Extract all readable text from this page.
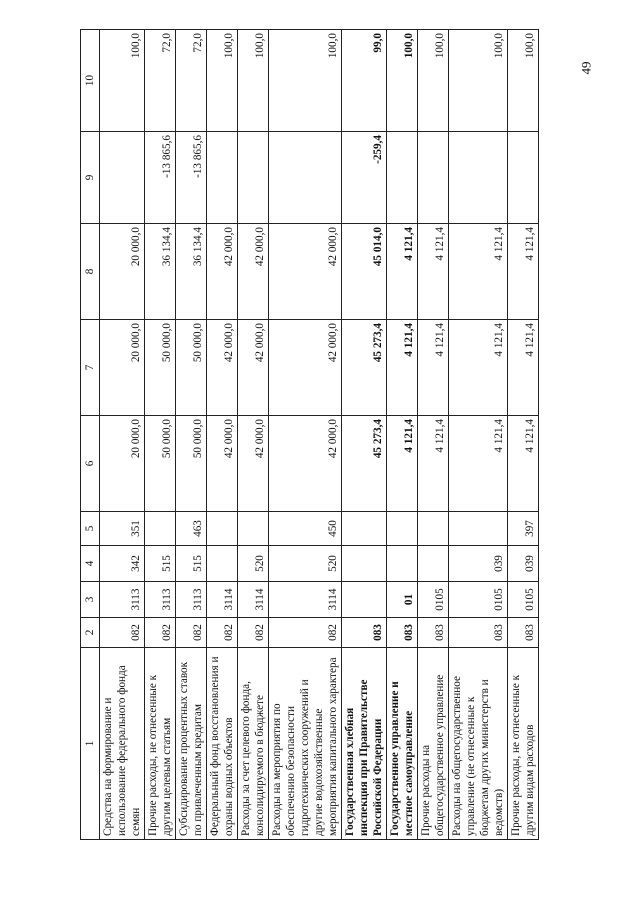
49
1	2	3	4	5	6	7	8	9	10
Средства на формирование и использование федерального фонда семян	082	3113	342	351	20 000,0	20 000,0	20 000,0		100,0
Прочие расходы, не отнесенные к другим целевым статьям	082	3113	515		50 000,0	50 000,0	36 134,4	-13 865,6	72,0
Субсидирование процентных ставок по привлеченным кредитам	082	3113	515	463	50 000,0	50 000,0	36 134,4	-13 865,6	72,0
Федеральный фонд восстановления и охраны водных объектов	082	3114			42 000,0	42 000,0	42 000,0		100,0
Расходы за счет целевого фонда, консолидируемого в бюджете	082	3114	520		42 000,0	42 000,0	42 000,0		100,0
Расходы на мероприятия по обеспечению безопасности гидротехнических сооружений и другие водохозяйственные мероприятия капитального характера	082	3114	520	450	42 000,0	42 000,0	42 000,0		100,0
Государственная хлебная инспекция при Правительстве Российской Федерации	083				45 273,4	45 273,4	45 014,0	-259,4	99,0
Государственное управление и местное самоуправление	083	01			4 121,4	4 121,4	4 121,4		100,0
Прочие расходы на общегосударственное управление	083	0105			4 121,4	4 121,4	4 121,4		100,0
Расходы на общегосударственное управление (не отнесенные к бюджетам других министерств и ведомств)	083	0105	039		4 121,4	4 121,4	4 121,4		100,0
Прочие расходы, не отнесенные к другим видам расходов	083	0105	039	397	4 121,4	4 121,4	4 121,4		100,0
